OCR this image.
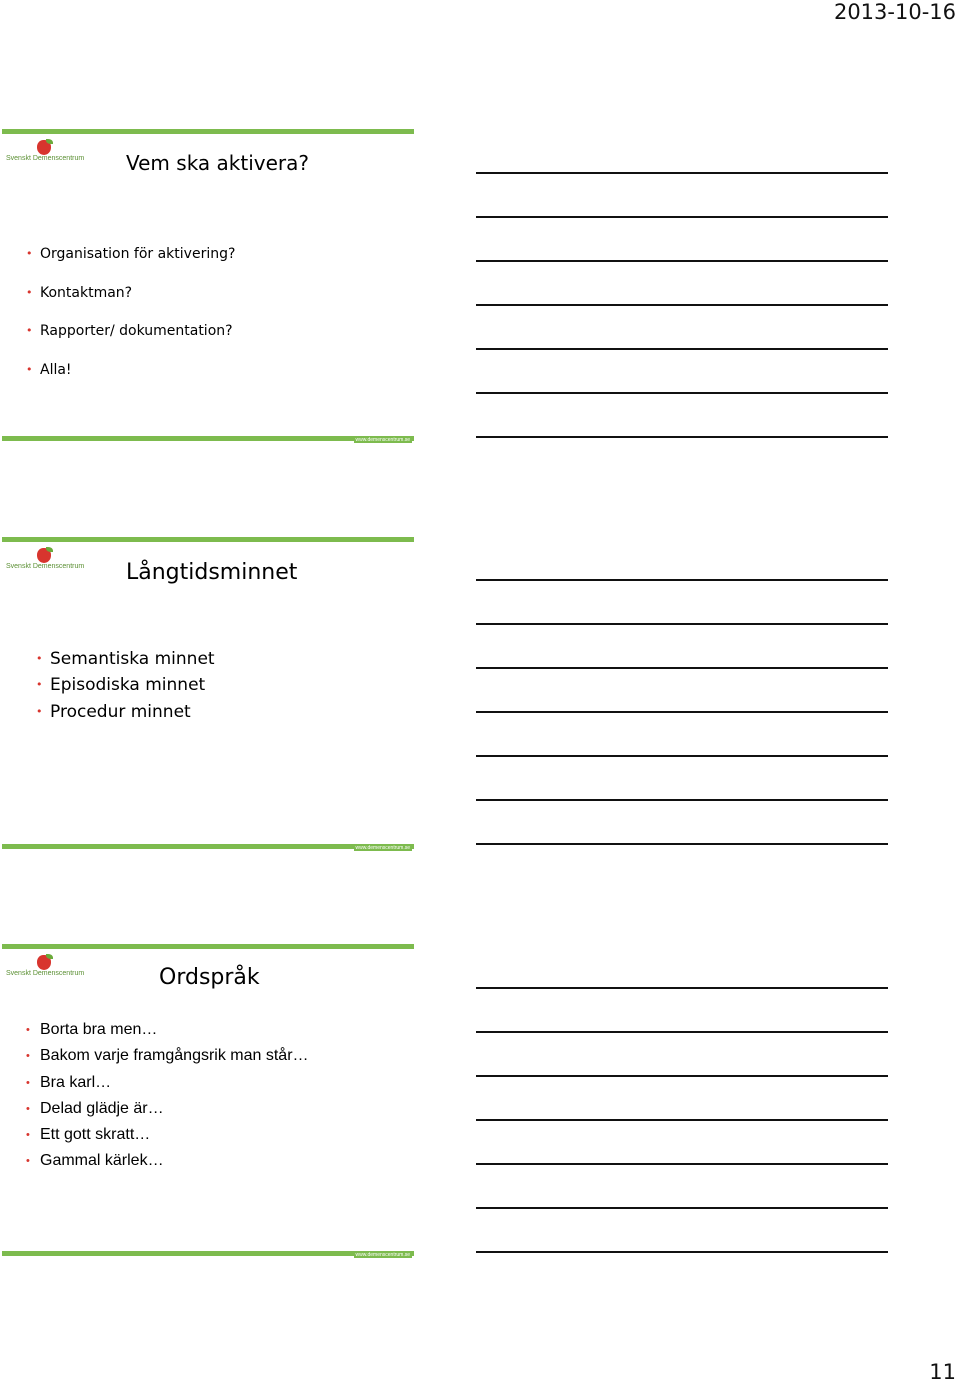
2013-10-16
Svenskt Demenscentrum Vem ska aktivera?
• Organisation för aktivering?
• Kontaktman?
• Rapporter/ dokumentation?
• Alla!
www.demenscentrum.se
Svenskt Demenscentrum Långtidsminnet
• Semantiska minnet
• Episodiska minnet
• Procedur minnet
www.demenscentrum.se
Svenskt Demenscentrum	Ordspråk
• Borta bra men…
• Bakom varje framgångsrik man står…
• Bra karl…
• Delad glädje är…
• Ett gott skratt…
• Gammal kärlek…
www.demenscentrum.se
11
